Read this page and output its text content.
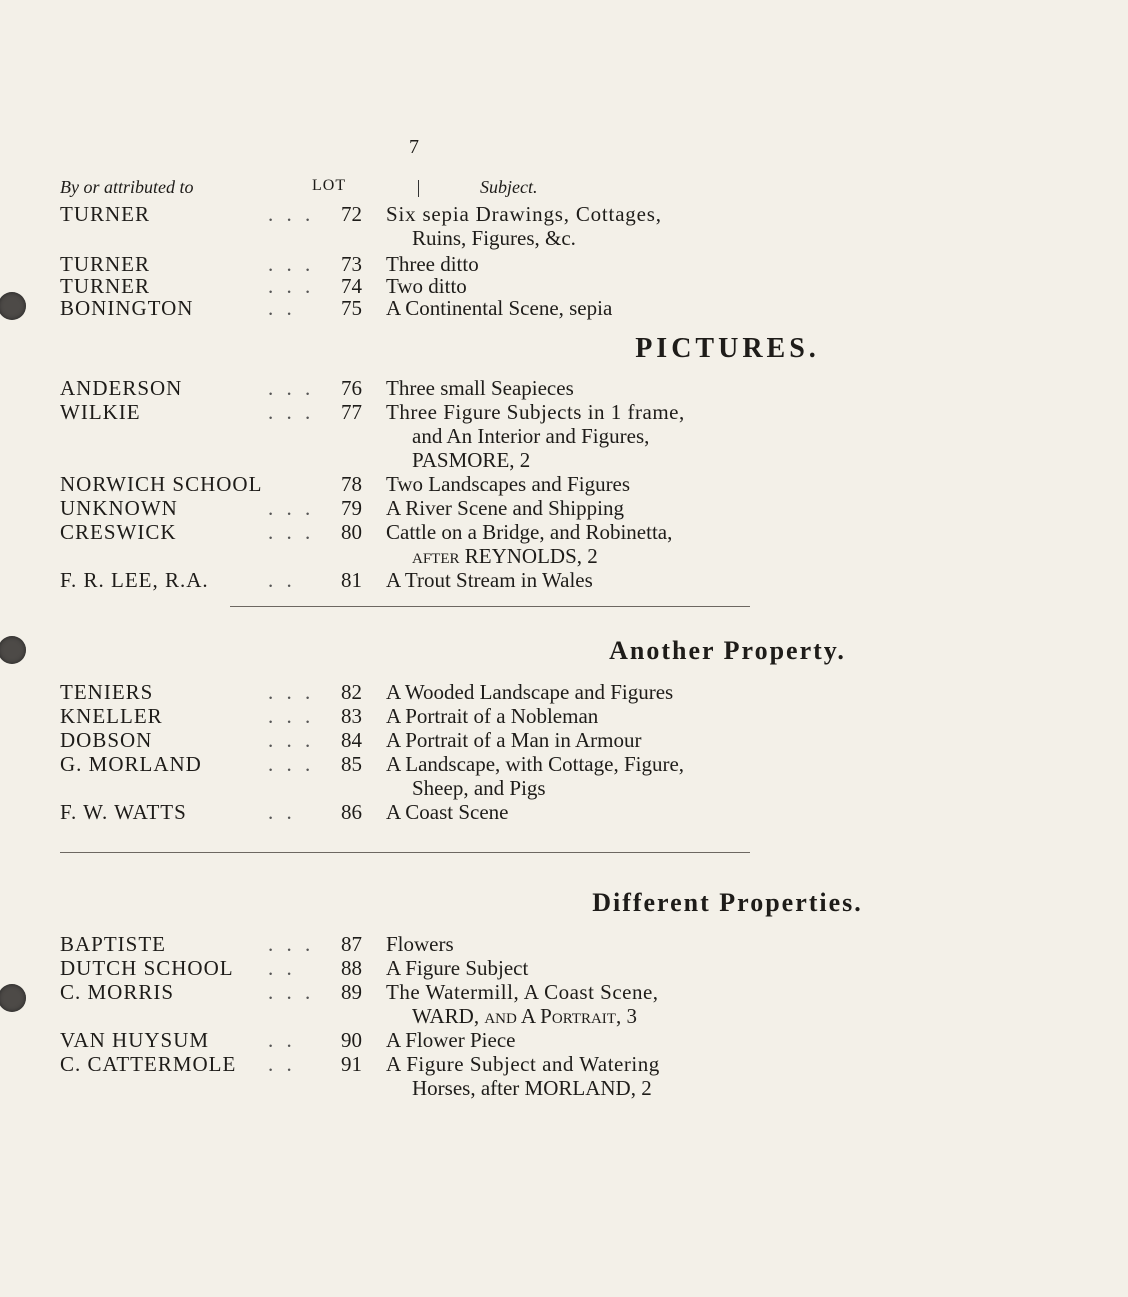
7
By or attributed to	LOT	Subject.
TURNER	. . .	72 Six sepia Drawings, Cottages,
Ruins, Figures, &c.
TURNER	. . .	73 Three ditto
TURNER	. . .	74 Two ditto
BONINGTON	. .	75 A Continental Scene, sepia
PICTURES.
ANDERSON	. . .	76 Three small Seapieces
WILKIE	. . .	77 Three Figure Subjects in 1 frame,
and An Interior and Figures,
PASMORE, 2
NORWICH SCHOOL	78 Two Landscapes and Figures
UNKNOWN	. . .	79 A River Scene and Shipping
CRESWICK	. . .	80 Cattle on a Bridge, and Robinetta,
after REYNOLDS, 2
F. R. LEE, R.A.	. .	81 A Trout Stream in Wales
Another Property.
TENIERS	. . .	82 A Wooded Landscape and Figures
KNELLER	. . .	83 A Portrait of a Nobleman
DOBSON	. . .	84 A Portrait of a Man in Armour
G. MORLAND	. . .	85 A Landscape, with Cottage, Figure,
Sheep, and Pigs
F. W. WATTS	. .	86 A Coast Scene
Different Properties.
BAPTISTE	. . .	87 Flowers
DUTCH SCHOOL . .	88 A Figure Subject
C. MORRIS	. . .	89 The Watermill, A Coast Scene,
WARD, and A Portrait, 3
VAN HUYSUM	. .	90 A Flower Piece
C. CATTERMOLE . .	91 A Figure Subject and Watering
Horses, after MORLAND, 2
